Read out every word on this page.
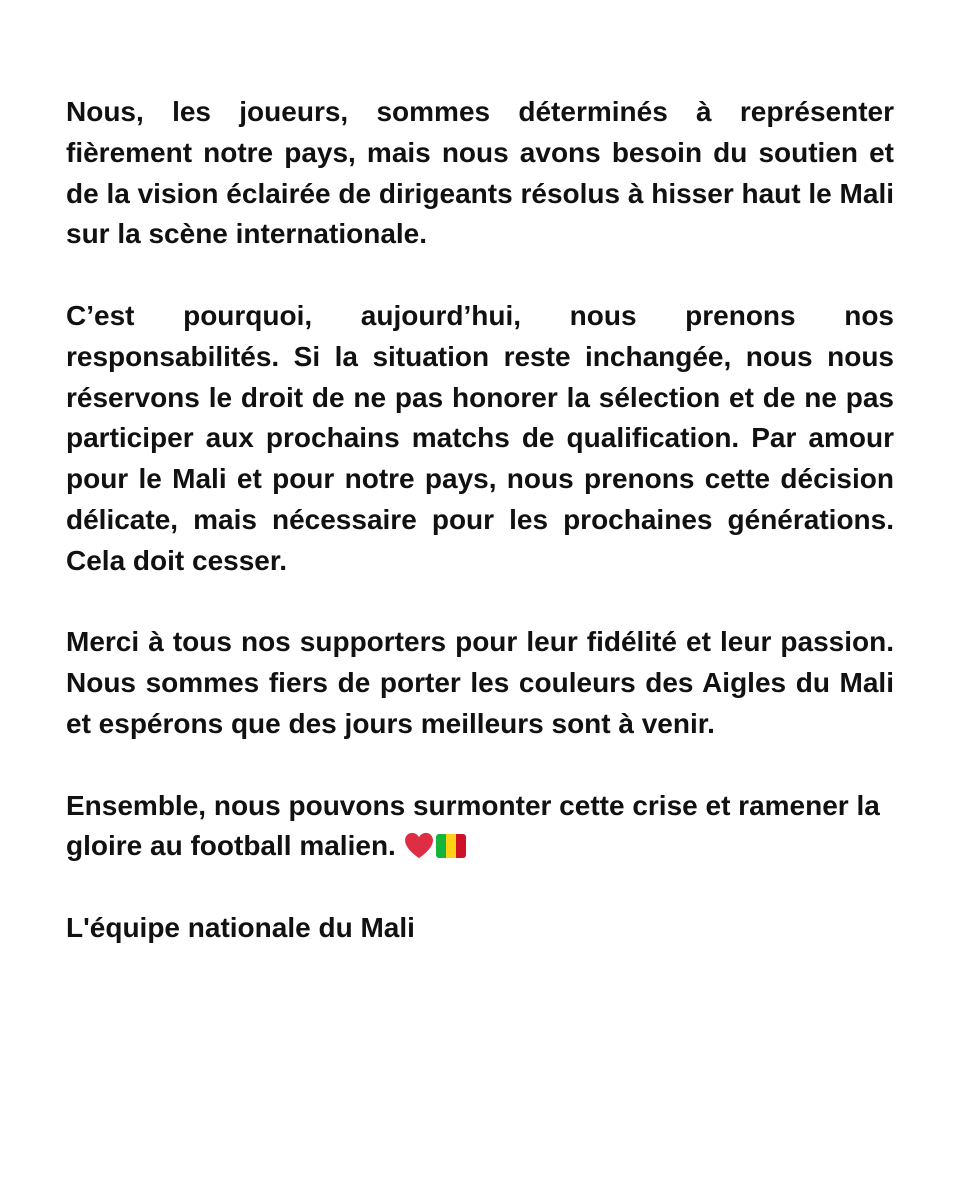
Nous, les joueurs, sommes déterminés à représenter fièrement notre pays, mais nous avons besoin du soutien et de la vision éclairée de dirigeants résolus à hisser haut le Mali sur la scène internationale.

C’est pourquoi, aujourd’hui, nous prenons nos responsabilités. Si la situation reste inchangée, nous nous réservons le droit de ne pas honorer la sélection et de ne pas participer aux prochains matchs de qualification. Par amour pour le Mali et pour notre pays, nous prenons cette décision délicate, mais nécessaire pour les prochaines générations. Cela doit cesser.

Merci à tous nos supporters pour leur fidélité et leur passion. Nous sommes fiers de porter les couleurs des Aigles du Mali et espérons que des jours meilleurs sont à venir.

Ensemble, nous pouvons surmonter cette crise et ramener la gloire au football malien.

L'équipe nationale du Mali
